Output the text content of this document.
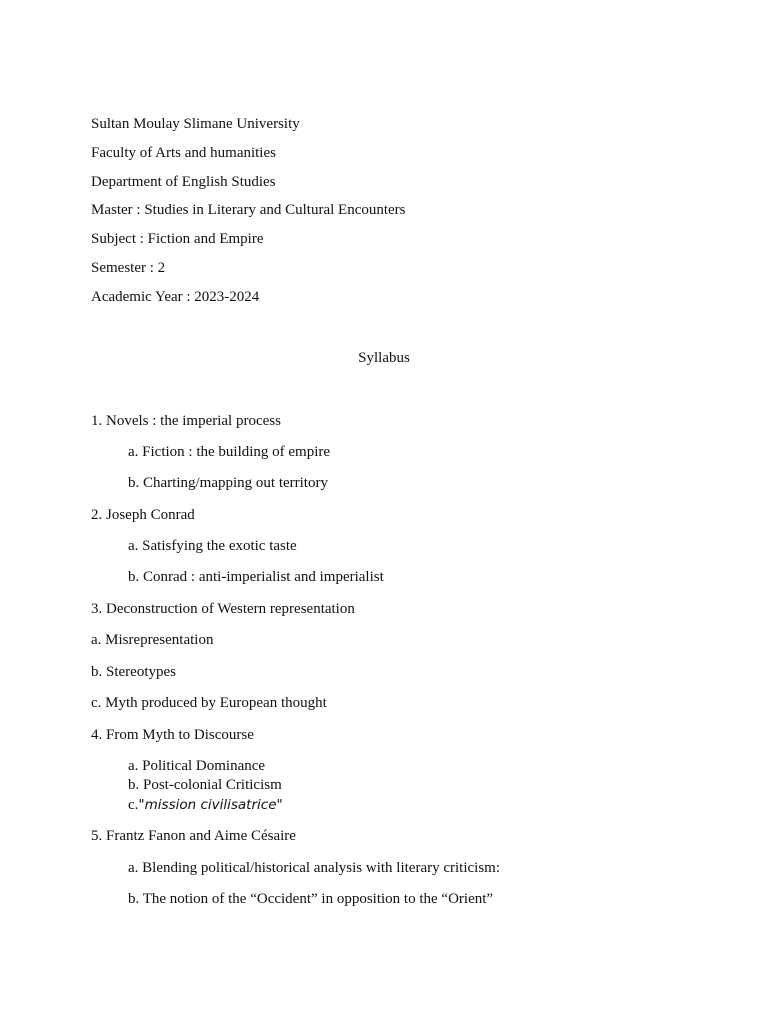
Sultan Moulay Slimane University
Faculty of Arts and humanities
Department of English Studies
Master : Studies in Literary and Cultural Encounters
Subject : Fiction and Empire
Semester : 2
Academic Year : 2023-2024
Syllabus
1. Novels : the imperial process
a. Fiction : the building of empire
b. Charting/mapping out territory
2. Joseph Conrad
a. Satisfying the exotic taste
b. Conrad : anti-imperialist and imperialist
3. Deconstruction of Western representation
a. Misrepresentation
b. Stereotypes
c. Myth produced by European thought
4. From Myth to Discourse
a. Political Dominance
b. Post-colonial Criticism
c."mission civilisatrice"
5. Frantz Fanon and Aime Césaire
a. Blending political/historical analysis with literary criticism:
b. The notion of the “Occident” in opposition to the “Orient”
